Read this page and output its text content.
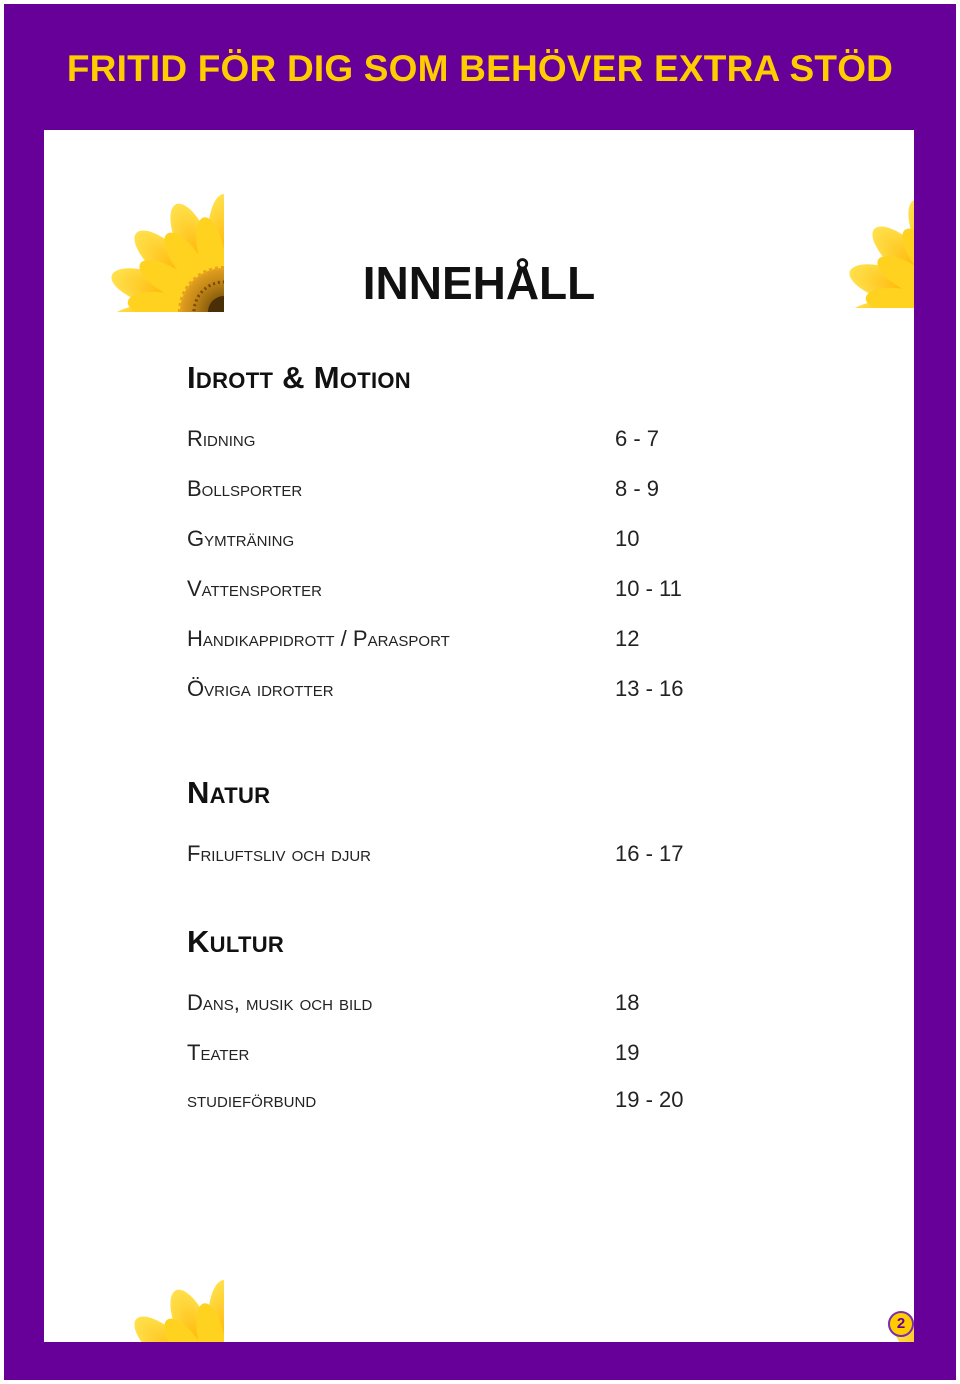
FRITID FÖR DIG SOM BEHÖVER EXTRA STÖD
INNEHÅLL
Idrott & Motion
Ridning	6 - 7
Bollsporter	8 - 9
Gymträning	10
Vattensporter	10 - 11
Handikappidrott / Parasport	12
Övriga idrotter	13 - 16
Natur
Friluftsliv och djur	16 - 17
Kultur
Dans, musik och bild	18
Teater	19
studieförbund	19 - 20
2
